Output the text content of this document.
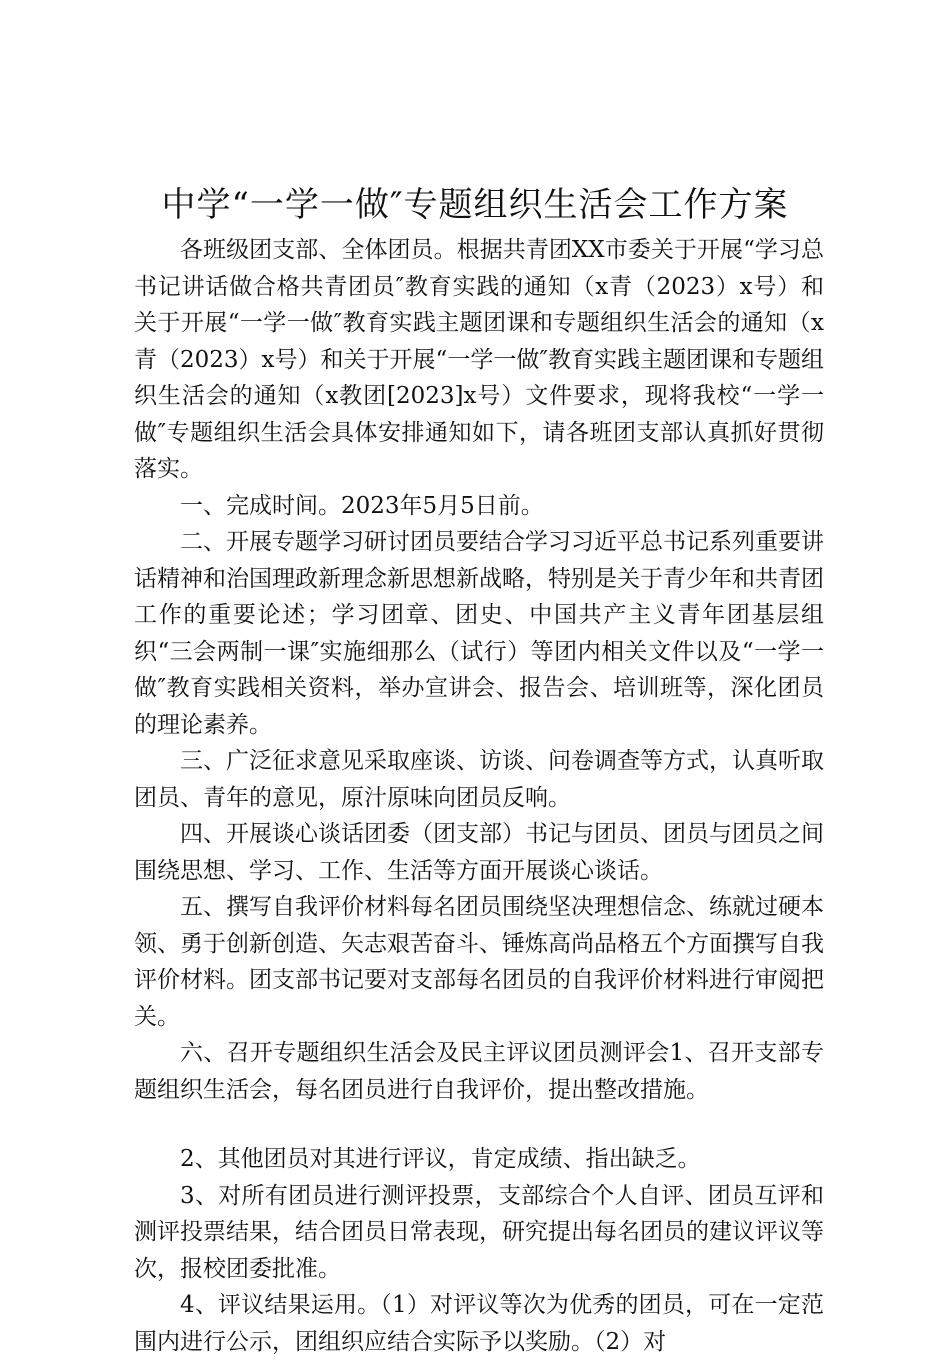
中学“一学一做″专题组织生活会工作方案

各班级团支部、全体团员。根据共青团XX市委关于开展“学习总书记讲话做合格共青团员″教育实践的通知（x青（2023）x号）和关于开展“一学一做″教育实践主题团课和专题组织生活会的通知（x青（2023）x号）和关于开展“一学一做″教育实践主题团课和专题组织生活会的通知（x教团[2023]x号）文件要求，现将我校“一学一做″专题组织生活会具体安排通知如下，请各班团支部认真抓好贯彻落实。

一、完成时间。2023年5月5日前。

二、开展专题学习研讨团员要结合学习习近平总书记系列重要讲话精神和治国理政新理念新思想新战略，特别是关于青少年和共青团工作的重要论述；学习团章、团史、中国共产主义青年团基层组织“三会两制一课″实施细那么（试行）等团内相关文件以及“一学一做″教育实践相关资料，举办宣讲会、报告会、培训班等，深化团员的理论素养。

三、广泛征求意见采取座谈、访谈、问卷调查等方式，认真听取团员、青年的意见，原汁原味向团员反响。

四、开展谈心谈话团委（团支部）书记与团员、团员与团员之间围绕思想、学习、工作、生活等方面开展谈心谈话。

五、撰写自我评价材料每名团员围绕坚决理想信念、练就过硬本领、勇于创新创造、矢志艰苦奋斗、锤炼高尚品格五个方面撰写自我评价材料。团支部书记要对支部每名团员的自我评价材料进行审阅把关。

六、召开专题组织生活会及民主评议团员测评会1、召开支部专题组织生活会，每名团员进行自我评价，提出整改措施。

2、其他团员对其进行评议，肯定成绩、指出缺乏。

3、对所有团员进行测评投票，支部综合个人自评、团员互评和测评投票结果，结合团员日常表现，研究提出每名团员的建议评议等次，报校团委批准。

4、评议结果运用。（1）对评议等次为优秀的团员，可在一定范围内进行公示，团组织应结合实际予以奖励。（2）对
